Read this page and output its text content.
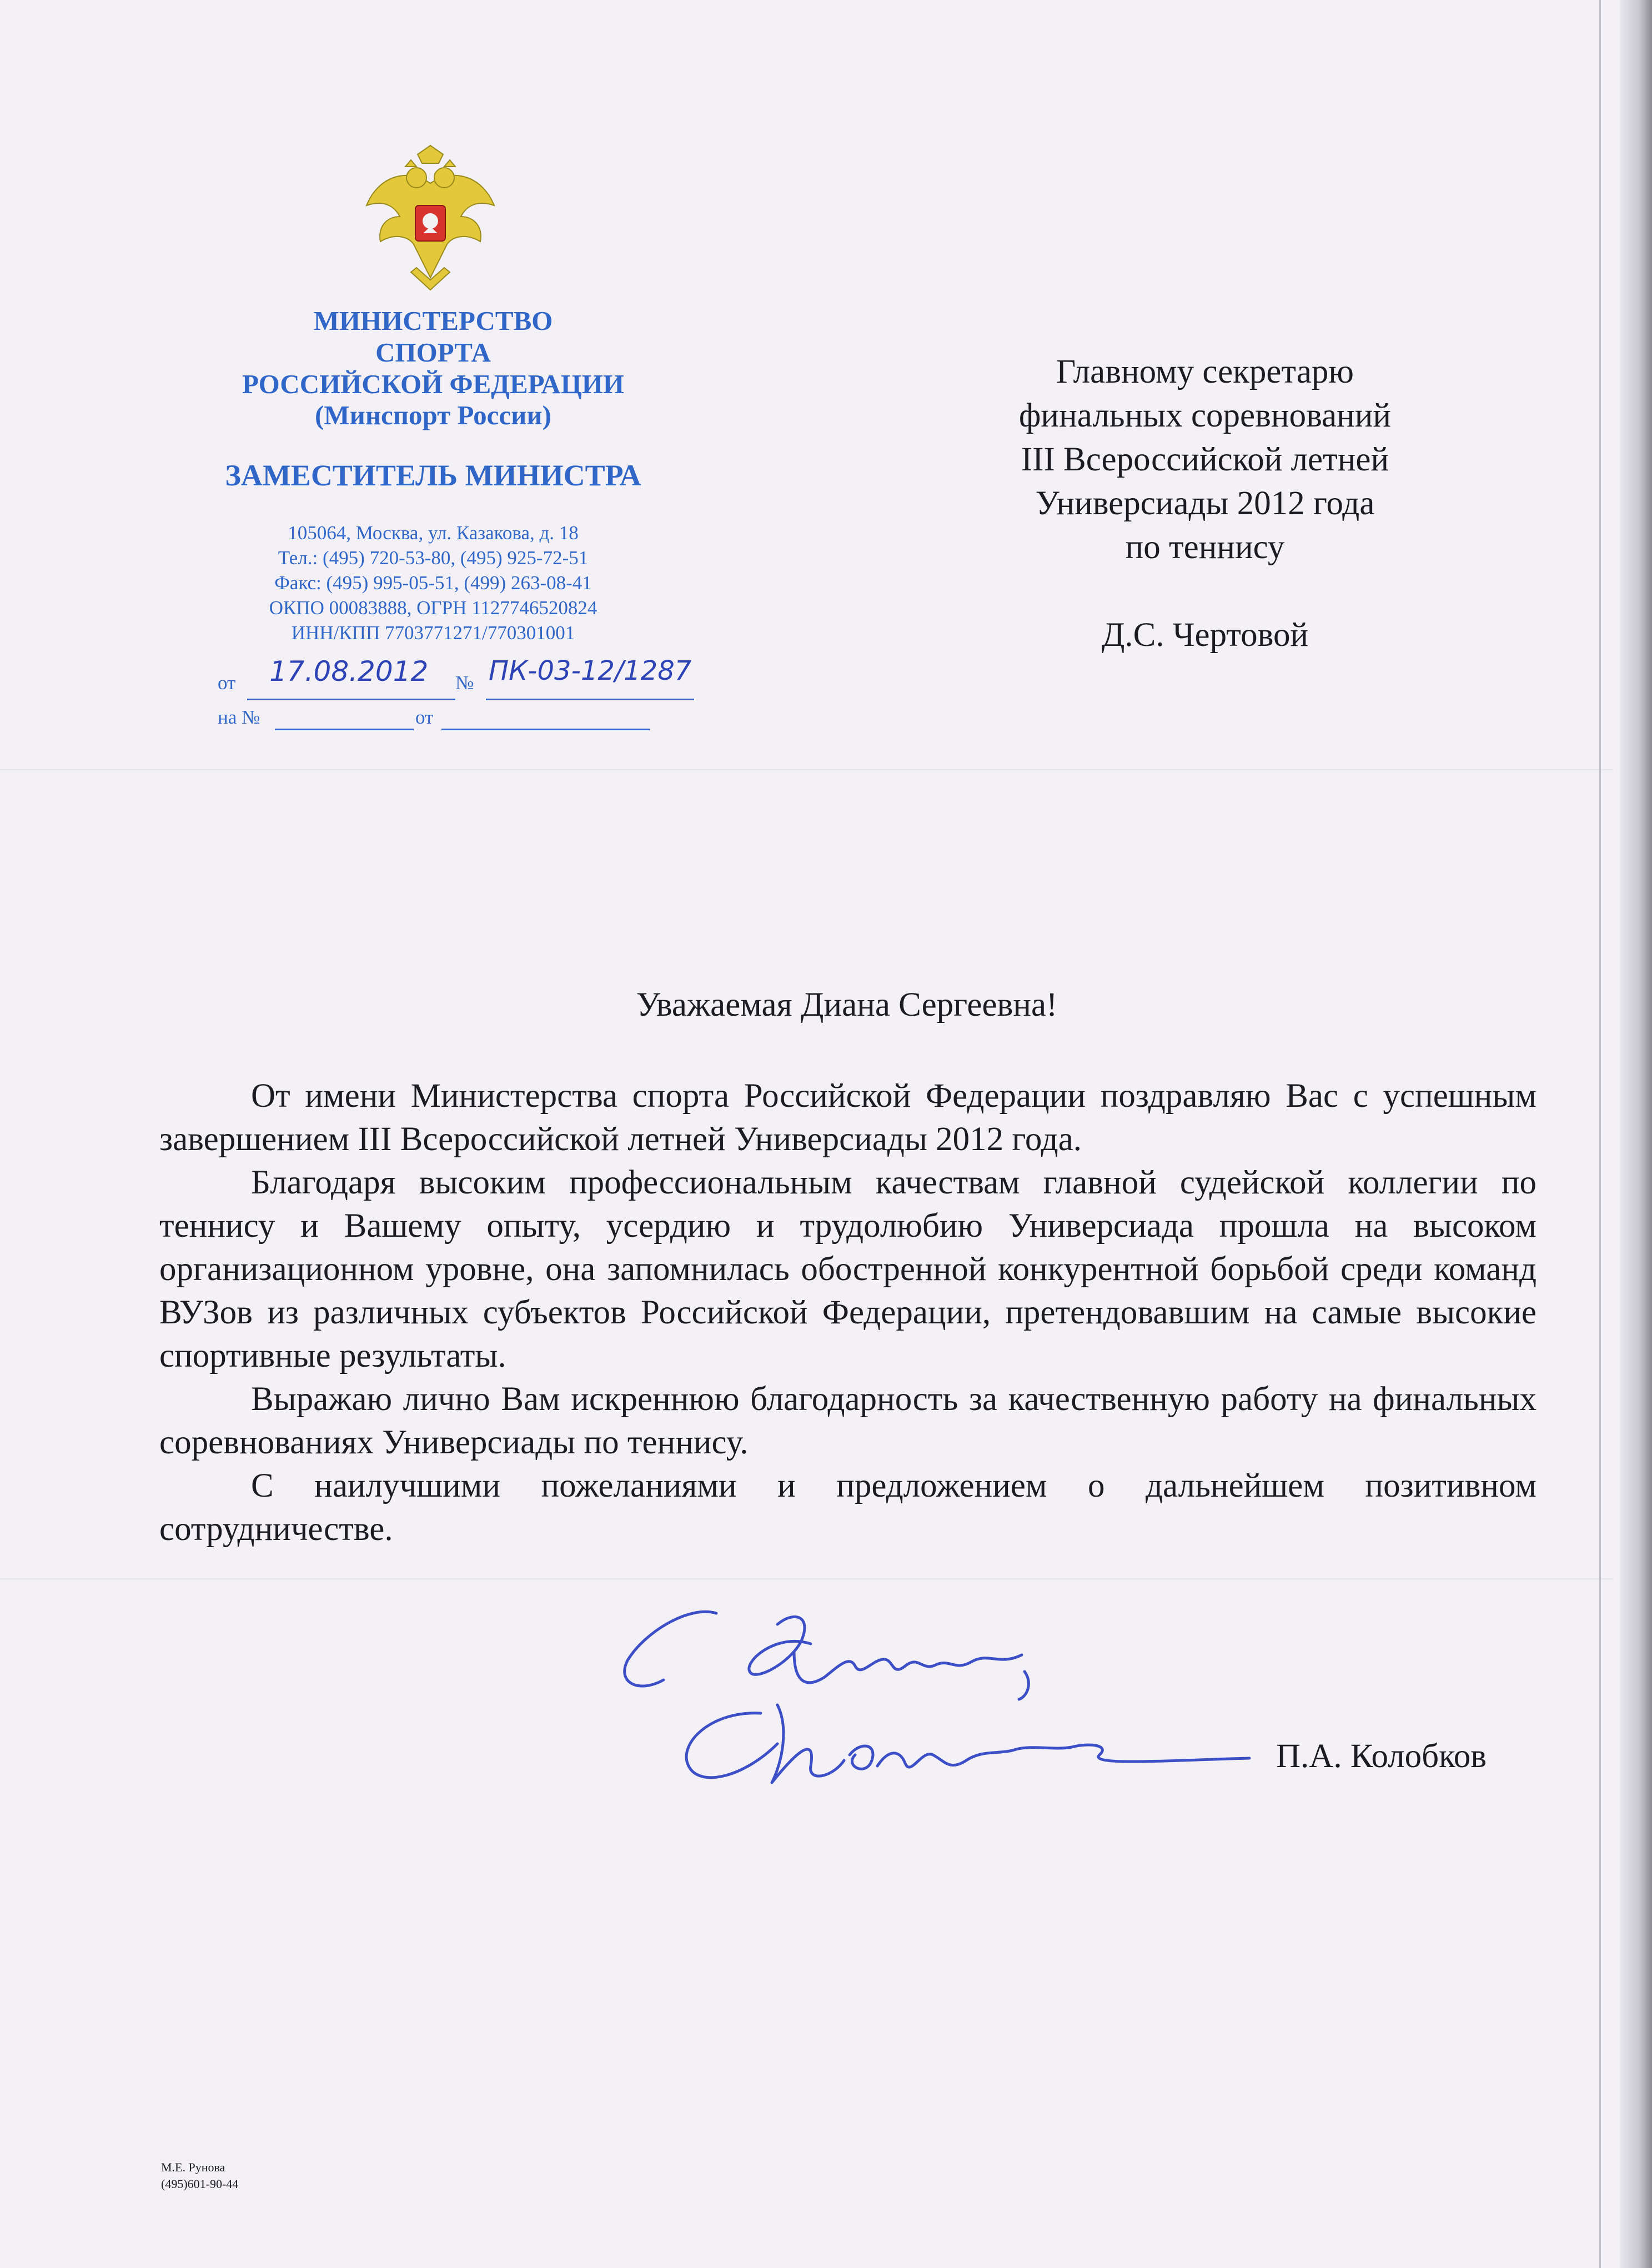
МИНИСТЕРСТВО
СПОРТА
РОССИЙСКОЙ ФЕДЕРАЦИИ
(Минспорт России)
ЗАМЕСТИТЕЛЬ МИНИСТРА
105064, Москва, ул. Казакова, д. 18
Тел.: (495) 720-53-80, (495) 925-72-51
Факс: (495) 995-05-51, (499) 263-08-41
ОКПО 00083888, ОГРН 1127746520824
ИНН/КПП 7703771271/770301001
от 17.08.2012 № ПК-03-12/1287
на №	от
Главному секретарю
финальных соревнований
III Всероссийской летней
Универсиады 2012 года
по теннису
Д.С. Чертовой
Уважаемая Диана Сергеевна!

От имени Министерства спорта Российской Федерации поздравляю Вас с успешным завершением III Всероссийской летней Универсиады 2012 года.

Благодаря высоким профессиональным качествам главной судейской коллегии по теннису и Вашему опыту, усердию и трудолюбию Универсиада прошла на высоком организационном уровне, она запомнилась обостренной конкурентной борьбой среди команд ВУЗов из различных субъектов Российской Федерации, претендовавшим на самые высокие спортивные результаты.

Выражаю лично Вам искреннюю благодарность за качественную работу на финальных соревнованиях Универсиады по теннису.

С наилучшими пожеланиями и предложением о дальнейшем позитивном сотрудничестве.

П.А. Колобков
М.Е. Рунова
(495)601-90-44
